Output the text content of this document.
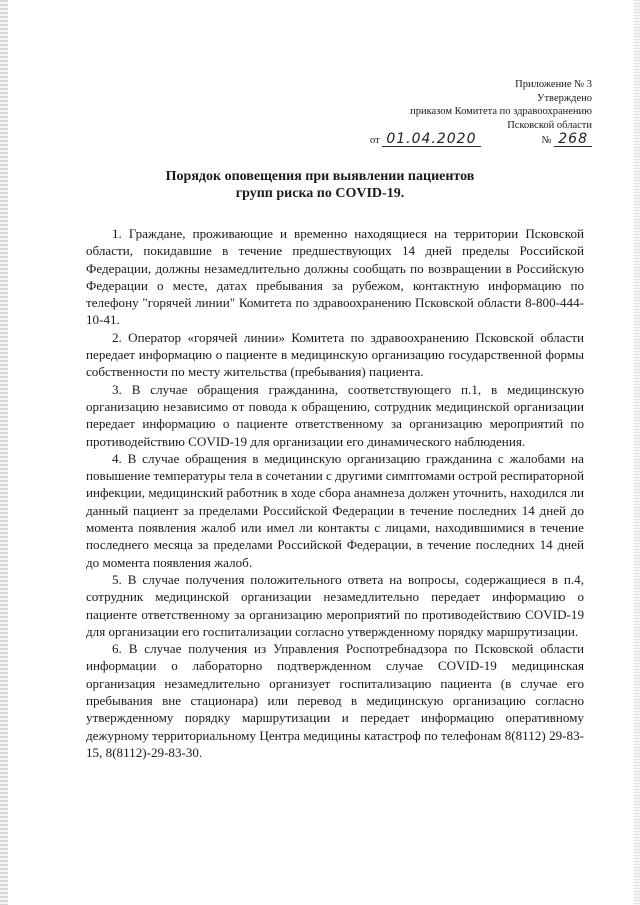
Приложение № 3
Утверждено
приказом Комитета по здравоохранению
Псковской области
от 01.04.2020	№ 268
Порядок оповещения при выявлении пациентов
групп риска по COVID-19.

1. Граждане, проживающие и временно находящиеся на территории Псковской области, покидавшие в течение предшествующих 14 дней пределы Российской Федерации, должны незамедлительно должны сообщать по возвращении в Российскую Федерации о месте, датах пребывания за рубежом, контактную информацию по телефону "горячей линии" Комитета по здравоохранению Псковской области 8-800-444-10-41.

2. Оператор «горячей линии» Комитета по здравоохранению Псковской области передает информацию о пациенте в медицинскую организацию государственной формы собственности по месту жительства (пребывания) пациента.

3. В случае обращения гражданина, соответствующего п.1, в медицинскую организацию независимо от повода к обращению, сотрудник медицинской организации передает информацию о пациенте ответственному за организацию мероприятий по противодействию COVID-19 для организации его динамического наблюдения.

4. В случае обращения в медицинскую организацию гражданина с жалобами на повышение температуры тела в сочетании с другими симптомами острой респираторной инфекции, медицинский работник в ходе сбора анамнеза должен уточнить, находился ли данный пациент за пределами Российской Федерации в течение последних 14 дней до момента появления жалоб или имел ли контакты с лицами, находившимися в течение последнего месяца за пределами Российской Федерации, в течение последних 14 дней до момента появления жалоб.

5. В случае получения положительного ответа на вопросы, содержащиеся в п.4, сотрудник медицинской организации незамедлительно передает информацию о пациенте ответственному за организацию мероприятий по противодействию COVID-19 для организации его госпитализации согласно утвержденному порядку маршрутизации.

6. В случае получения из Управления Роспотребнадзора по Псковской области информации о лабораторно подтвержденном случае COVID-19 медицинская организация незамедлительно организует госпитализацию пациента (в случае его пребывания вне стационара) или перевод в медицинскую организацию согласно утвержденному порядку маршрутизации и передает информацию оперативному дежурному территориальному Центра медицины катастроф по телефонам 8(8112) 29-83-15, 8(8112)-29-83-30.
